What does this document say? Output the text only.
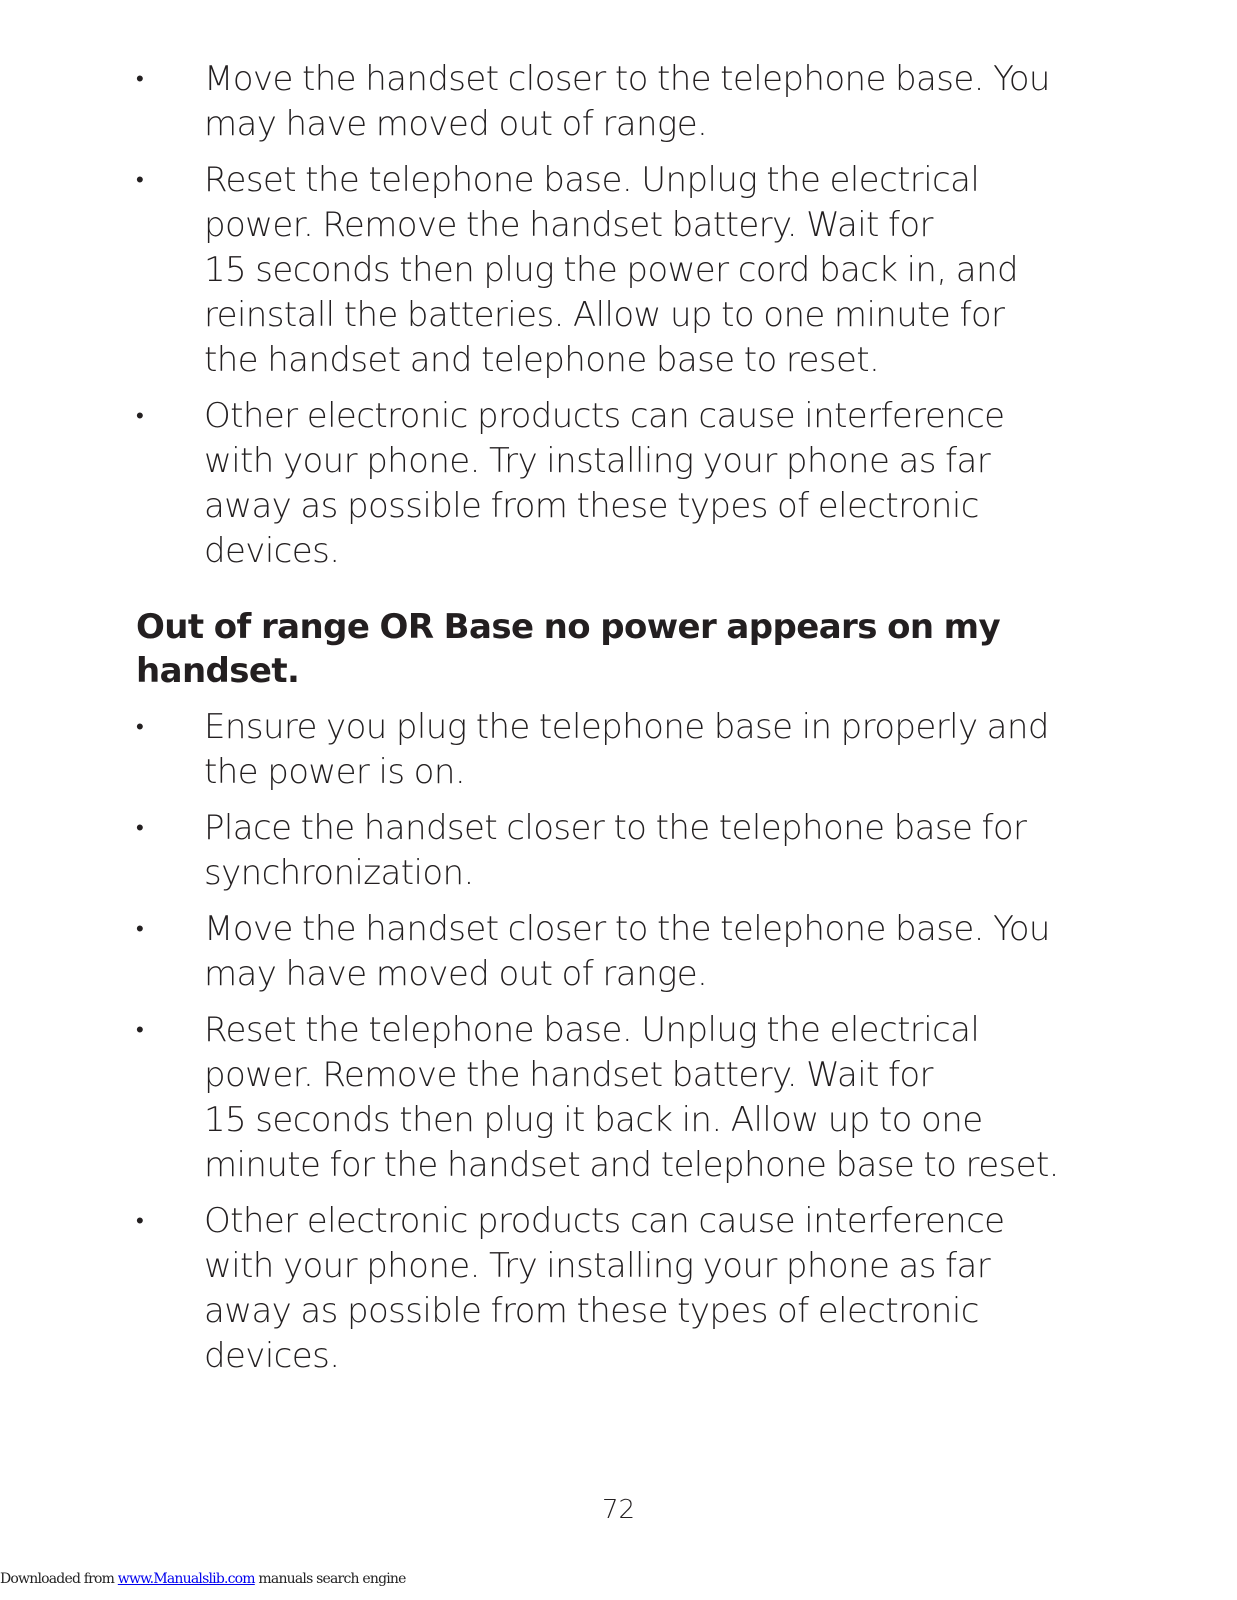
•	Move the handset closer to the telephone base. You
may have moved out of range.
•	Reset the telephone base. Unplug the electrical
power. Remove the handset battery. Wait for
15 seconds then plug the power cord back in, and
reinstall the batteries. Allow up to one minute for
the handset and telephone base to reset.
•	Other electronic products can cause interference
with your phone. Try installing your phone as far
away as possible from these types of electronic
devices.
Out of range OR Base no power appears on my
handset.
•	Ensure you plug the telephone base in properly and
the power is on.
•	Place the handset closer to the telephone base for
synchronization.
•	Move the handset closer to the telephone base. You
may have moved out of range.
•	Reset the telephone base. Unplug the electrical
power. Remove the handset battery. Wait for
15 seconds then plug it back in. Allow up to one
minute for the handset and telephone base to reset.
•	Other electronic products can cause interference
with your phone. Try installing your phone as far
away as possible from these types of electronic
devices.
72
Downloaded from www.Manualslib.com manuals search engine
